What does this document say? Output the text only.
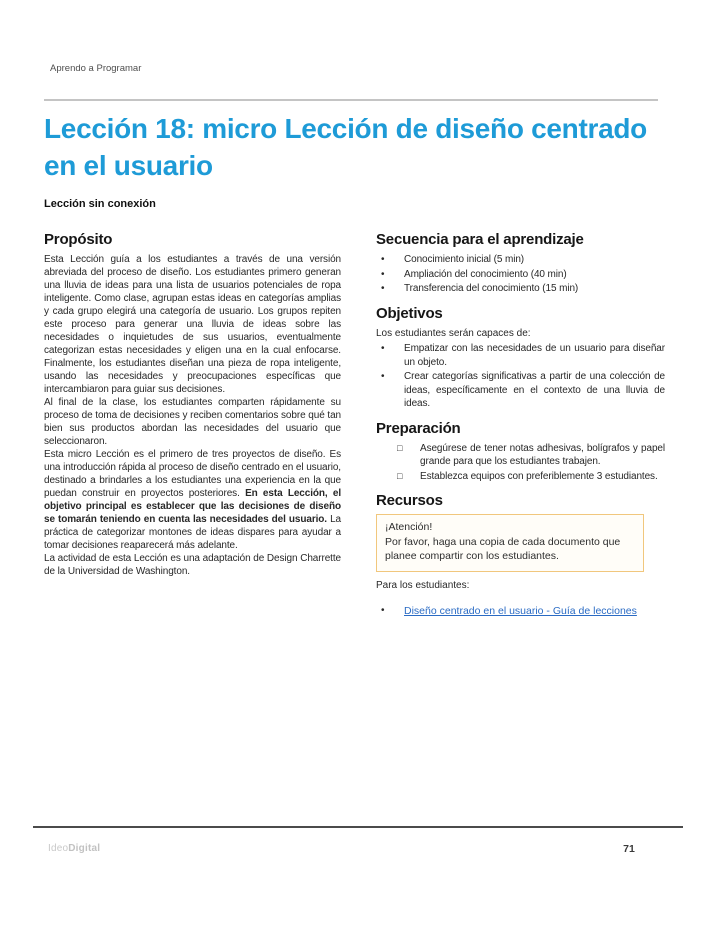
Aprendo a Programar
Lección 18: micro Lección de diseño centrado en el usuario
Lección sin conexión
Propósito

Esta Lección guía a los estudiantes a través de una versión abreviada del proceso de diseño. Los estudiantes primero generan una lluvia de ideas para una lista de usuarios potenciales de ropa inteligente. Como clase, agrupan estas ideas en categorías amplias y cada grupo elegirá una categoría de usuario. Los grupos repiten este proceso para generar una lluvia de ideas sobre las necesidades o inquietudes de sus usuarios, eventualmente categorizan estas necesidades y eligen una en la cual enfocarse. Finalmente, los estudiantes diseñan una pieza de ropa inteligente, usando las necesidades y preocupaciones específicas que intercambiaron para guiar sus decisiones.

Al final de la clase, los estudiantes comparten rápidamente su proceso de toma de decisiones y reciben comentarios sobre qué tan bien sus productos abordan las necesidades del usuario que seleccionaron.

Esta micro Lección es el primero de tres proyectos de diseño. Es una introducción rápida al proceso de diseño centrado en el usuario, destinado a brindarles a los estudiantes una experiencia en la que puedan construir en proyectos posteriores. En esta Lección, el objetivo principal es establecer que las decisiones de diseño se tomarán teniendo en cuenta las necesidades del usuario. La práctica de categorizar montones de ideas dispares para ayudar a tomar decisiones reaparecerá más adelante.

La actividad de esta Lección es una adaptación de Design Charrette de la Universidad de Washington.

Secuencia para el aprendizaje
•	Conocimiento inicial (5 min)
•	Ampliación del conocimiento (40 min)
•	Transferencia del conocimiento (15 min)
Objetivos

Los estudiantes serán capaces de:

•	Empatizar con las necesidades de un usuario para diseñar un objeto.
•	Crear categorías significativas a partir de una colección de ideas, específicamente en el contexto de una lluvia de ideas.
Preparación
□	Asegúrese de tener notas adhesivas, bolígrafos y papel grande para que los estudiantes trabajen.
□	Establezca equipos con preferiblemente 3 estudiantes.
Recursos
¡Atención!
Por favor, haga una copia de cada documento que planee compartir con los estudiantes.

Para los estudiantes:

•	Diseño centrado en el usuario - Guía de lecciones
IdeoDigital	71
